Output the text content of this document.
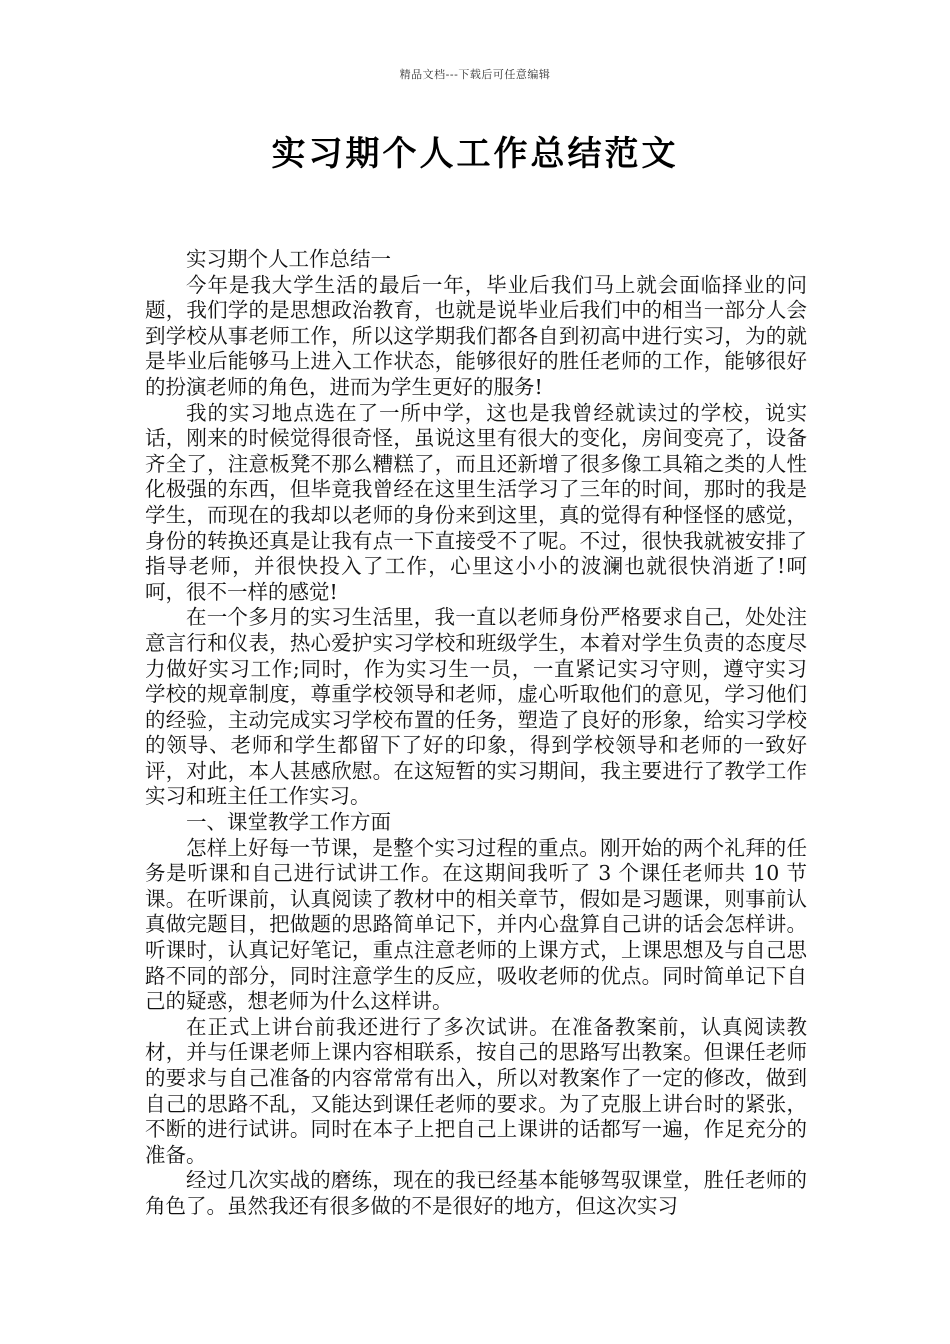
精品文档---下载后可任意编辑
实习期个人工作总结范文

实习期个人工作总结一

今年是我大学生活的最后一年，毕业后我们马上就会面临择业的问题，我们学的是思想政治教育，也就是说毕业后我们中的相当一部分人会到学校从事老师工作，所以这学期我们都各自到初高中进行实习，为的就是毕业后能够马上进入工作状态，能够很好的胜任老师的工作，能够很好的扮演老师的角色，进而为学生更好的服务!

我的实习地点选在了一所中学，这也是我曾经就读过的学校，说实话，刚来的时候觉得很奇怪，虽说这里有很大的变化，房间变亮了，设备齐全了，注意板凳不那么糟糕了，而且还新增了很多像工具箱之类的人性化极强的东西，但毕竟我曾经在这里生活学习了三年的时间，那时的我是学生，而现在的我却以老师的身份来到这里，真的觉得有种怪怪的感觉，身份的转换还真是让我有点一下直接受不了呢。不过，很快我就被安排了指导老师，并很快投入了工作，心里这小小的波澜也就很快消逝了!呵呵，很不一样的感觉!

在一个多月的实习生活里，我一直以老师身份严格要求自己，处处注意言行和仪表，热心爱护实习学校和班级学生，本着对学生负责的态度尽力做好实习工作;同时，作为实习生一员，一直紧记实习守则，遵守实习学校的规章制度，尊重学校领导和老师，虚心听取他们的意见，学习他们的经验，主动完成实习学校布置的任务，塑造了良好的形象，给实习学校的领导、老师和学生都留下了好的印象，得到学校领导和老师的一致好评，对此，本人甚感欣慰。在这短暂的实习期间，我主要进行了教学工作实习和班主任工作实习。

一、课堂教学工作方面

怎样上好每一节课，是整个实习过程的重点。刚开始的两个礼拜的任务是听课和自己进行试讲工作。在这期间我听了 3 个课任老师共 10 节课。在听课前，认真阅读了教材中的相关章节，假如是习题课，则事前认真做完题目，把做题的思路简单记下，并内心盘算自己讲的话会怎样讲。听课时，认真记好笔记，重点注意老师的上课方式，上课思想及与自己思路不同的部分，同时注意学生的反应，吸收老师的优点。同时简单记下自己的疑惑，想老师为什么这样讲。

在正式上讲台前我还进行了多次试讲。在准备教案前，认真阅读教材，并与任课老师上课内容相联系，按自己的思路写出教案。但课任老师的要求与自己准备的内容常常有出入，所以对教案作了一定的修改，做到自己的思路不乱，又能达到课任老师的要求。为了克服上讲台时的紧张，不断的进行试讲。同时在本子上把自己上课讲的话都写一遍，作足充分的准备。

经过几次实战的磨练，现在的我已经基本能够驾驭课堂，胜任老师的角色了。虽然我还有很多做的不是很好的地方，但这次实习
